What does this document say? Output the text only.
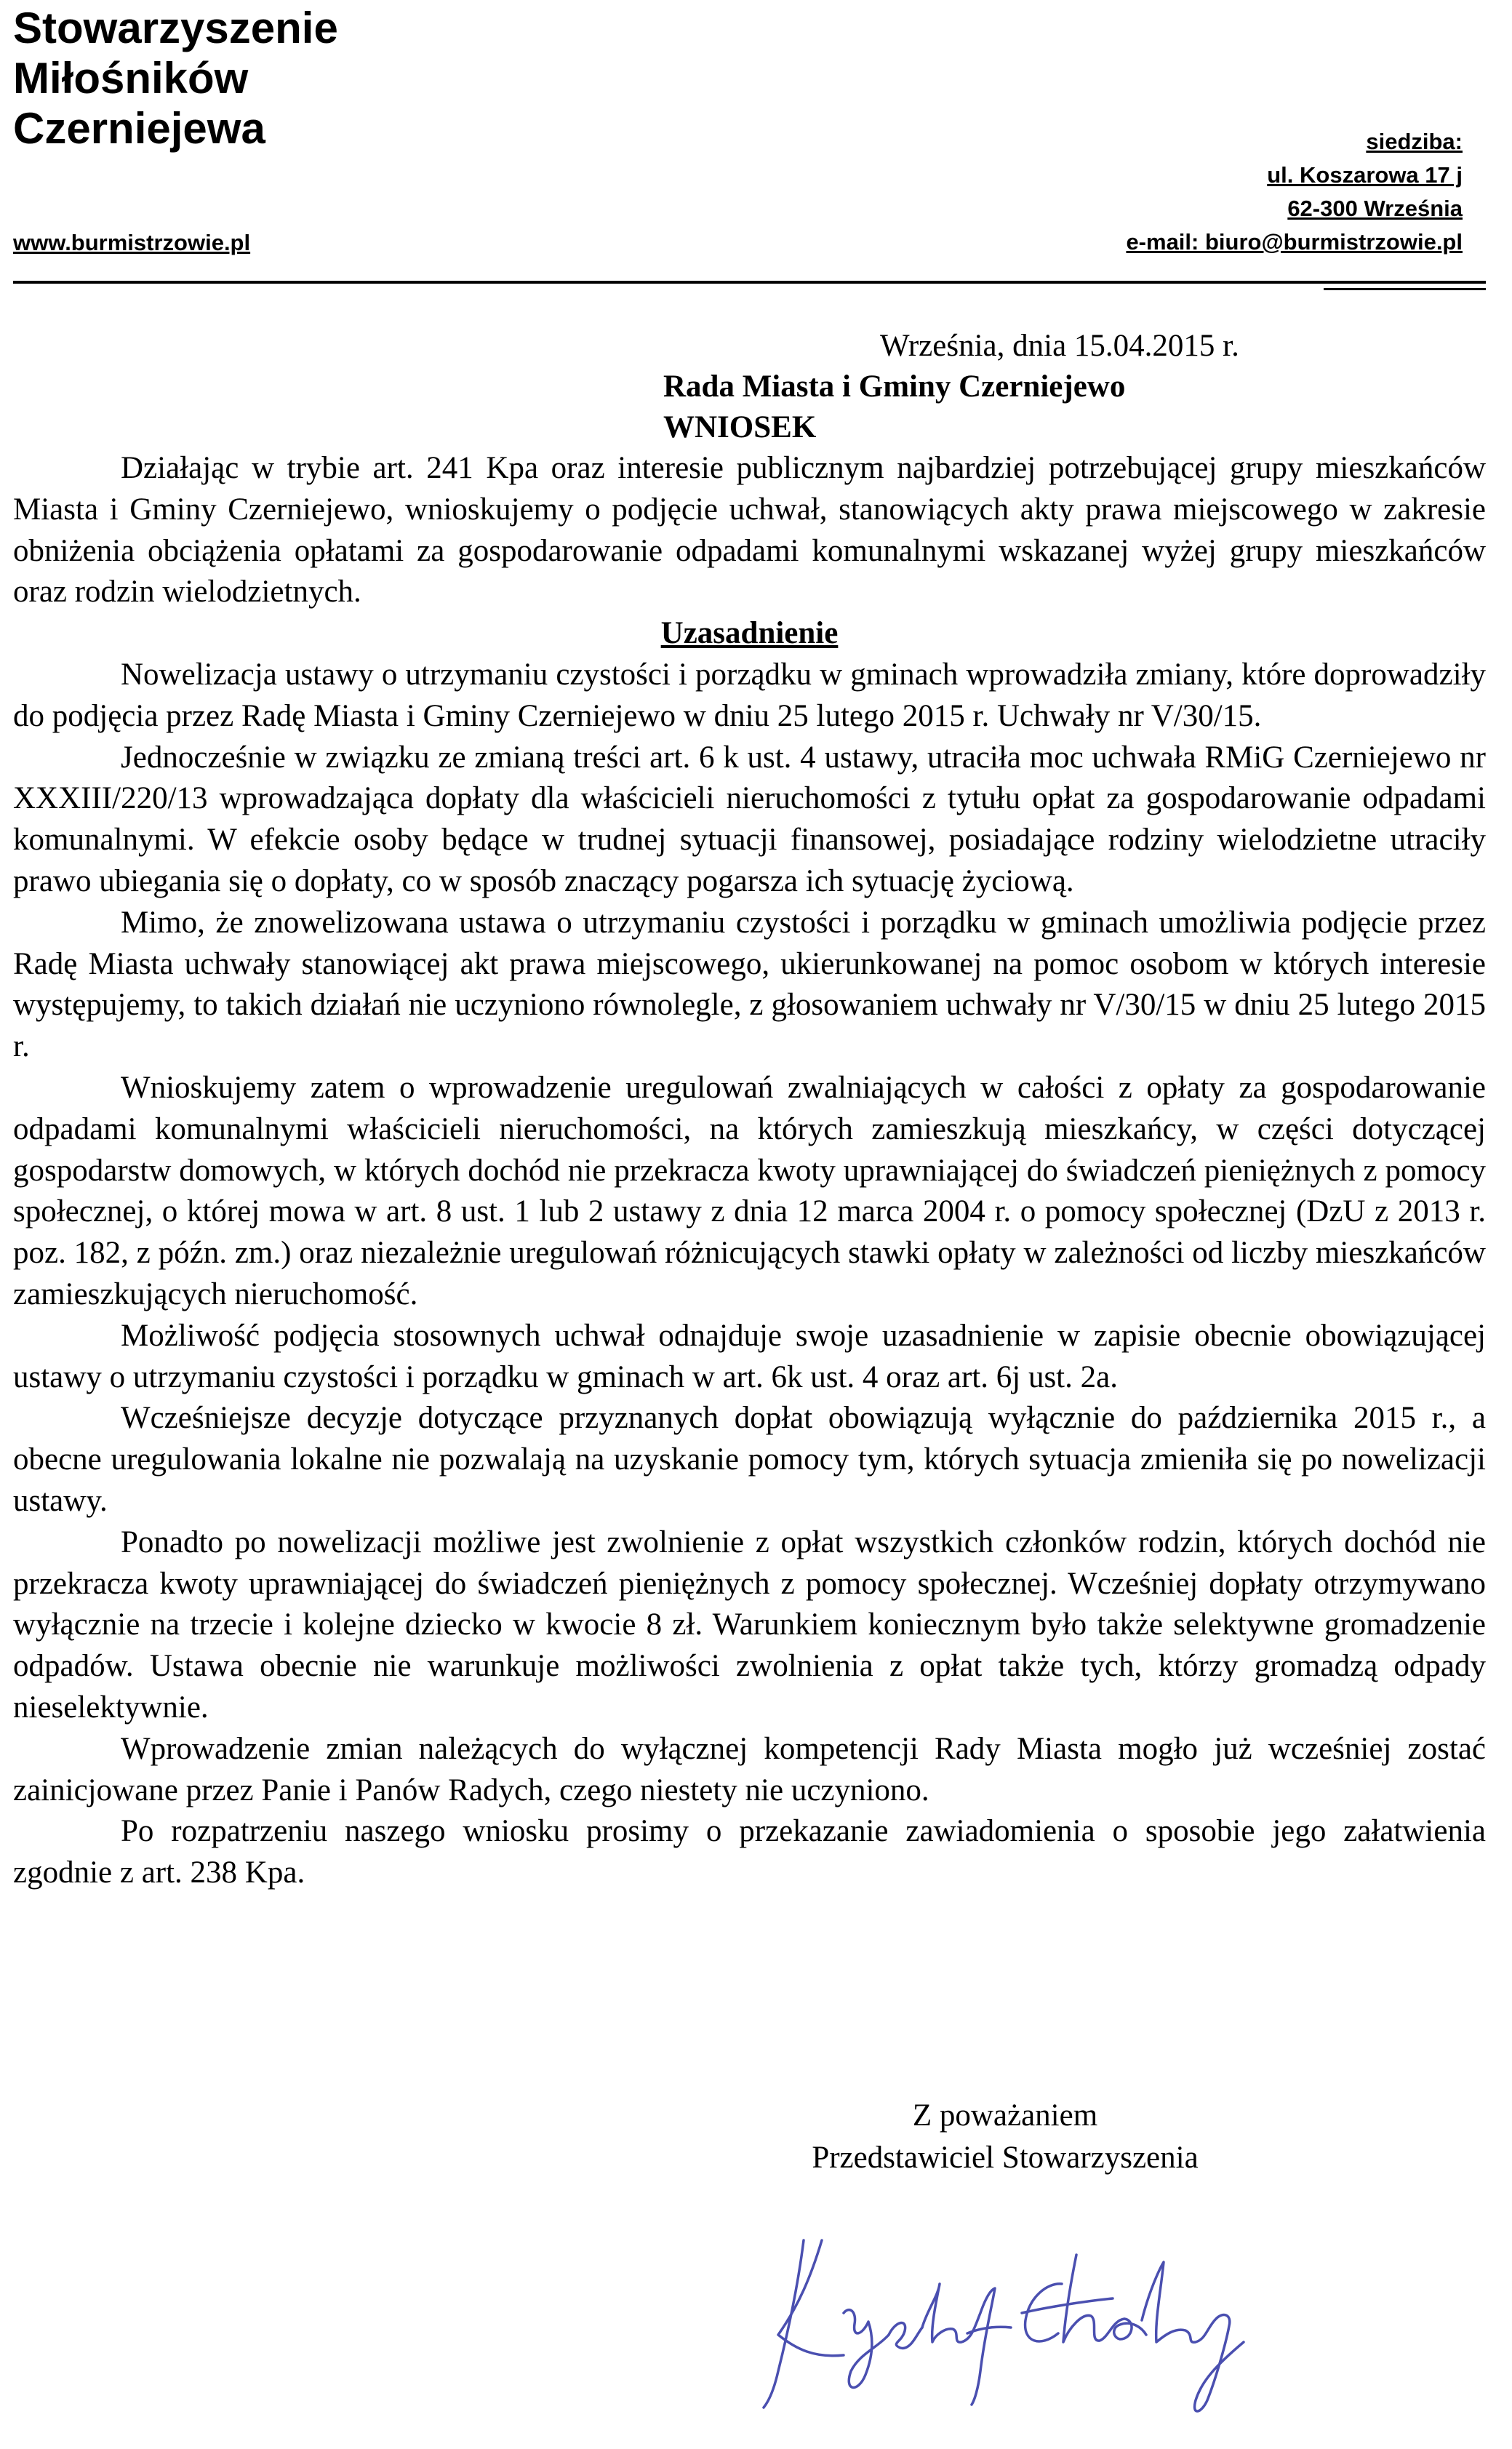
Stowarzyszenie
Miłośników
Czerniejewa
www.burmistrzowie.pl
siedziba:
ul. Koszarowa 17 j
62-300 Września
e-mail: biuro@burmistrzowie.pl
Września, dnia 15.04.2015 r.
Rada Miasta i Gminy Czerniejewo
WNIOSEK

Działając w trybie art. 241 Kpa oraz interesie publicznym najbardziej potrzebującej grupy mieszkańców Miasta i Gminy Czerniejewo, wnioskujemy o podjęcie uchwał, stanowiących akty prawa miejscowego w zakresie obniżenia obciążenia opłatami za gospodarowanie odpadami komunalnymi wskazanej wyżej grupy mieszkańców oraz rodzin wielodzietnych.

Uzasadnienie

Nowelizacja ustawy o utrzymaniu czystości i porządku w gminach wprowadziła zmiany, które doprowadziły do podjęcia przez Radę Miasta i Gminy Czerniejewo w dniu 25 lutego 2015 r. Uchwały nr V/30/15.

Jednocześnie w związku ze zmianą treści art. 6 k ust. 4 ustawy, utraciła moc uchwała RMiG Czerniejewo nr XXXIII/220/13 wprowadzająca dopłaty dla właścicieli nieruchomości z tytułu opłat za gospodarowanie odpadami komunalnymi. W efekcie osoby będące w trudnej sytuacji finansowej, posiadające rodziny wielodzietne utraciły prawo ubiegania się o dopłaty, co w sposób znaczący pogarsza ich sytuację życiową.

Mimo, że znowelizowana ustawa o utrzymaniu czystości i porządku w gminach umożliwia podjęcie przez Radę Miasta uchwały stanowiącej akt prawa miejscowego, ukierunkowanej na pomoc osobom w których interesie występujemy, to takich działań nie uczyniono równolegle, z głosowaniem uchwały nr V/30/15 w dniu 25 lutego 2015 r.

Wnioskujemy zatem o wprowadzenie uregulowań zwalniających w całości z opłaty za gospodarowanie odpadami komunalnymi właścicieli nieruchomości, na których zamieszkują mieszkańcy, w części dotyczącej gospodarstw domowych, w których dochód nie przekracza kwoty uprawniającej do świadczeń pieniężnych z pomocy społecznej, o której mowa w art. 8 ust. 1 lub 2 ustawy z dnia 12 marca 2004 r. o pomocy społecznej (DzU z 2013 r. poz. 182, z późn. zm.) oraz niezależnie uregulowań różnicujących stawki opłaty w zależności od liczby mieszkańców zamieszkujących nieruchomość.

Możliwość podjęcia stosownych uchwał odnajduje swoje uzasadnienie w zapisie obecnie obowiązującej ustawy o utrzymaniu czystości i porządku w gminach w art. 6k ust. 4 oraz art. 6j ust. 2a.

Wcześniejsze decyzje dotyczące przyznanych dopłat obowiązują wyłącznie do października 2015 r., a obecne uregulowania lokalne nie pozwalają na uzyskanie pomocy tym, których sytuacja zmieniła się po nowelizacji ustawy.

Ponadto po nowelizacji możliwe jest zwolnienie z opłat wszystkich członków rodzin, których dochód nie przekracza kwoty uprawniającej do świadczeń pieniężnych z pomocy społecznej. Wcześniej dopłaty otrzymywano wyłącznie na trzecie i kolejne dziecko w kwocie 8 zł. Warunkiem koniecznym było także selektywne gromadzenie odpadów. Ustawa obecnie nie warunkuje możliwości zwolnienia z opłat także tych, którzy gromadzą odpady nieselektywnie.

Wprowadzenie zmian należących do wyłącznej kompetencji Rady Miasta mogło już wcześniej zostać zainicjowane przez Panie i Panów Radych, czego niestety nie uczyniono.

Po rozpatrzeniu naszego wniosku prosimy o przekazanie zawiadomienia o sposobie jego załatwienia zgodnie z art. 238 Kpa.

Z poważaniem
Przedstawiciel Stowarzyszenia
